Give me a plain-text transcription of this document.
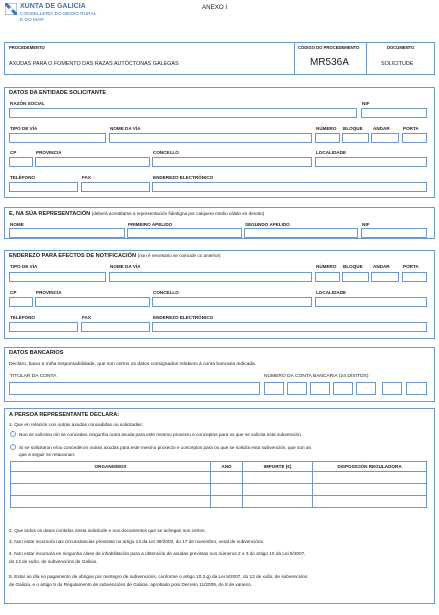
XUNTA DE GALICIA
CONSELLERÍA DO MEDIO RURAL
E DO MAR
ANEXO I
PROCEDEMENTO	CÓDIGO DO PROCEDEMENTO	DOCUMENTO
AXUDAS PARA O FOMENTO DAS RAZAS AUTÓCTONAS GALEGAS	MR536A	SOLICITUDE
DATOS DA ENTIDADE SOLICITANTE
RAZÓN SOCIAL	NIF
TIPO DE VÍA	NOME DA VÍA	NÚMERO BLOQUE ANDAR	PORTA
CP	PROVINCIA	CONCELLO	LOCALIDADE
TELÉFONO	FAX	ENDEREZO ELECTRÓNICO
E, NA SÚA REPRESENTACIÓN (deberá acreditarse a representación fidedigna por calquera medio válido en dereito)
NOME	PRIMEIRO APELIDO	SEGUNDO APELIDO	NIF
ENDEREZO PARA EFECTOS DE NOTIFICACIÓN (non é necesario se coincide co anterior)
TIPO DE VÍA	NOME DA VÍA	NÚMERO BLOQUE ANDAR	PORTA
CP	PROVINCIA	CONCELLO	LOCALIDADE
TELÉFONO	FAX	ENDEREZO ELECTRÓNICO
DATOS BANCARIOS
Declaro, baixo a miña responsabilidade, que son certos os datos consignados relativos á conta bancaria indicada.
TITULAR DA CONTA	NÚMERO DA CONTA BANCARIA (24 DÍXITOS)
A PERSOA REPRESENTANTE DECLARA:
1. Que en relación con outras axudas concedidas ou solicitadas:
Non se solicitou nin se concedeu ningunha outra axuda para este mesmo proxecto e conceptos para os que se solicita esta subvención.
Si se solicitaron e/ou concederon outras axudas para este mesmo proxecto e conceptos para os que se solicita esta subvención, que son as
que a seguir se relacionan:
ORGANISMOS	ANO	IMPORTE (€)	DISPOSICIÓN REGULADORA

2. Que todos os datos contidos nesta solicitude e nos documentos que se achegan son certos.
3. Non estar incurso/a nas circunstancias previstas no artigo 13 da Lei 38/2003, do 17 de novembro, xeral de subvencións.
4. Non estar incurso/a en ningunha clase de inhabilitación para a obtención de axudas previstas nos números 2 e 3 do artigo 10 da Lei 9/2007,
do 13 de xuño, de subvencións de Galicia.
5. Estar ao día no pagamento de obrigas por reintegro de subvencións, conforme o artigo 10.2.g) da Lei 9/2007, do 13 de xullo, de subvencións
de Galicia, e o artigo 9 do Regulamento de subvencións de Galicia, aprobado polo Decreto 11/2009, do 8 de xaneiro.
